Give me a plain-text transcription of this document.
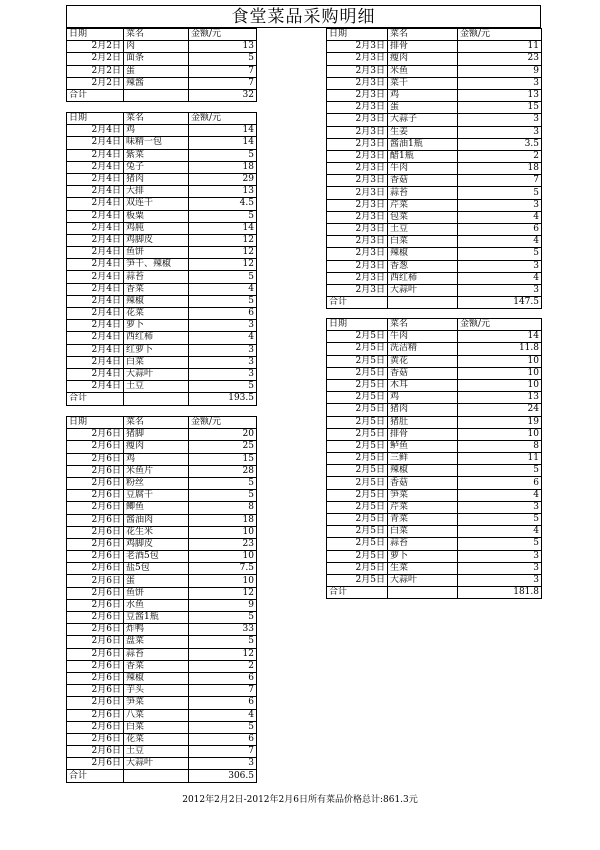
食堂菜品采购明细
日期	菜名	金额/元
2月2日	肉	13
2月2日	面条	5
2月2日	蛋	7
2月2日	辣酱	7
合计		32
日期	菜名	金额/元
2月4日	鸡	14
2月4日	味精一包	14
2月4日	紫菜	5
2月4日	兔子	18
2月4日	猪肉	29
2月4日	大排	13
2月4日	双连干	4.5
2月4日	板粟	5
2月4日	鸡肫	14
2月4日	鸡脚皮	12
2月4日	鱼饼	12
2月4日	笋干、辣椒	12
2月4日	蒜苔	5
2月4日	香菜	4
2月4日	辣椒	5
2月4日	花菜	6
2月4日	萝卜	3
2月4日	西红柿	4
2月4日	红萝卜	3
2月4日	白菜	3
2月4日	大蒜叶	3
2月4日	土豆	5
合计		193.5
日期	菜名	金额/元
2月6日	猪脚	20
2月6日	瘦肉	25
2月6日	鸡	15
2月6日	米鱼片	28
2月6日	粉丝	5
2月6日	豆腐干	5
2月6日	鲫鱼	8
2月6日	酱油肉	18
2月6日	花生米	10
2月6日	鸡脚皮	23
2月6日	老酒5包	10
2月6日	盐5包	7.5
2月6日	蛋	10
2月6日	鱼饼	12
2月6日	水鱼	9
2月6日	豆酱1瓶	5
2月6日	炸鸭	33
2月6日	盘菜	5
2月6日	蒜苔	12
2月6日	香菜	2
2月6日	辣椒	6
2月6日	芋头	7
2月6日	笋菜	6
2月6日	八菜	4
2月6日	白菜	5
2月6日	花菜	6
2月6日	土豆	7
2月6日	大蒜叶	3
合计		306.5
日期	菜名	金额/元
2月3日	排骨	11
2月3日	瘦肉	23
2月3日	米鱼	9
2月3日	菜干	3
2月3日	鸡	13
2月3日	蛋	15
2月3日	大蒜子	3
2月3日	生姜	3
2月3日	酱油1瓶	3.5
2月3日	醋1瓶	2
2月3日	牛肉	18
2月3日	香菇	7
2月3日	蒜苔	5
2月3日	芹菜	3
2月3日	包菜	4
2月3日	土豆	6
2月3日	白菜	4
2月3日	辣椒	5
2月3日	香葱	3
2月3日	西红柿	4
2月3日	大蒜叶	3
合计		147.5
日期	菜名	金额/元
2月5日	牛肉	14
2月5日	洗洁精	11.8
2月5日	黄花	10
2月5日	香菇	10
2月5日	木耳	10
2月5日	鸡	13
2月5日	猪肉	24
2月5日	猪肚	19
2月5日	排骨	10
2月5日	鲈鱼	8
2月5日	三鲜	11
2月5日	辣椒	5
2月5日	香菇	6
2月5日	笋菜	4
2月5日	芹菜	3
2月5日	青菜	5
2月5日	白菜	4
2月5日	蒜苔	5
2月5日	萝卜	3
2月5日	生菜	3
2月5日	大蒜叶	3
合计		181.8
2012年2月2日-2012年2月6日所有菜品价格总计:861.3元
